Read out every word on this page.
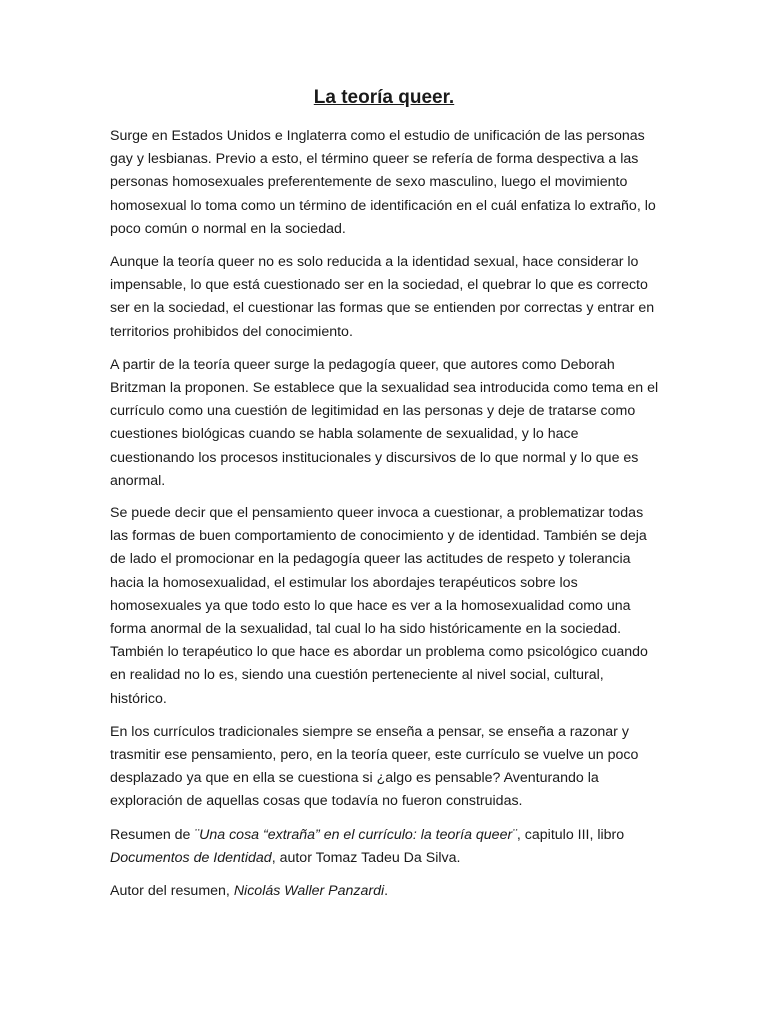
La teoría queer.

Surge en Estados Unidos e Inglaterra como el estudio de unificación de las personas gay y lesbianas. Previo a esto, el término queer se refería de forma despectiva a las personas homosexuales preferentemente de sexo masculino, luego el movimiento homosexual lo toma como un término de identificación en el cuál enfatiza lo extraño, lo poco común o normal en la sociedad.

Aunque la teoría queer no es solo reducida a la identidad sexual, hace considerar lo impensable, lo que está cuestionado ser en la sociedad, el quebrar lo que es correcto ser en la sociedad, el cuestionar las formas que se entienden por correctas y entrar en territorios prohibidos del conocimiento.

A partir de la teoría queer surge la pedagogía queer, que autores como Deborah Britzman la proponen. Se establece que la sexualidad sea introducida como tema en el currículo como una cuestión de legitimidad en las personas y deje de tratarse como cuestiones biológicas cuando se habla solamente de sexualidad, y lo hace cuestionando los procesos institucionales y discursivos de lo que normal y lo que es anormal.

Se puede decir que el pensamiento queer invoca a cuestionar, a problematizar todas las formas de buen comportamiento de conocimiento y de identidad. También se deja de lado el promocionar en la pedagogía queer las actitudes de respeto y tolerancia hacia la homosexualidad, el estimular los abordajes terapéuticos sobre los homosexuales ya que todo esto lo que hace es ver a la homosexualidad como una forma anormal de la sexualidad, tal cual lo ha sido históricamente en la sociedad. También lo terapéutico lo que hace es abordar un problema como psicológico cuando en realidad no lo es, siendo una cuestión perteneciente al nivel social, cultural, histórico.

En los currículos tradicionales siempre se enseña a pensar, se enseña a razonar y trasmitir ese pensamiento, pero, en la teoría queer, este currículo se vuelve un poco desplazado ya que en ella se cuestiona si ¿algo es pensable? Aventurando la exploración de aquellas cosas que todavía no fueron construidas.

Resumen de ¨Una cosa “extraña” en el currículo: la teoría queer¨, capitulo III, libro Documentos de Identidad, autor Tomaz Tadeu Da Silva.

Autor del resumen, Nicolás Waller Panzardi.
